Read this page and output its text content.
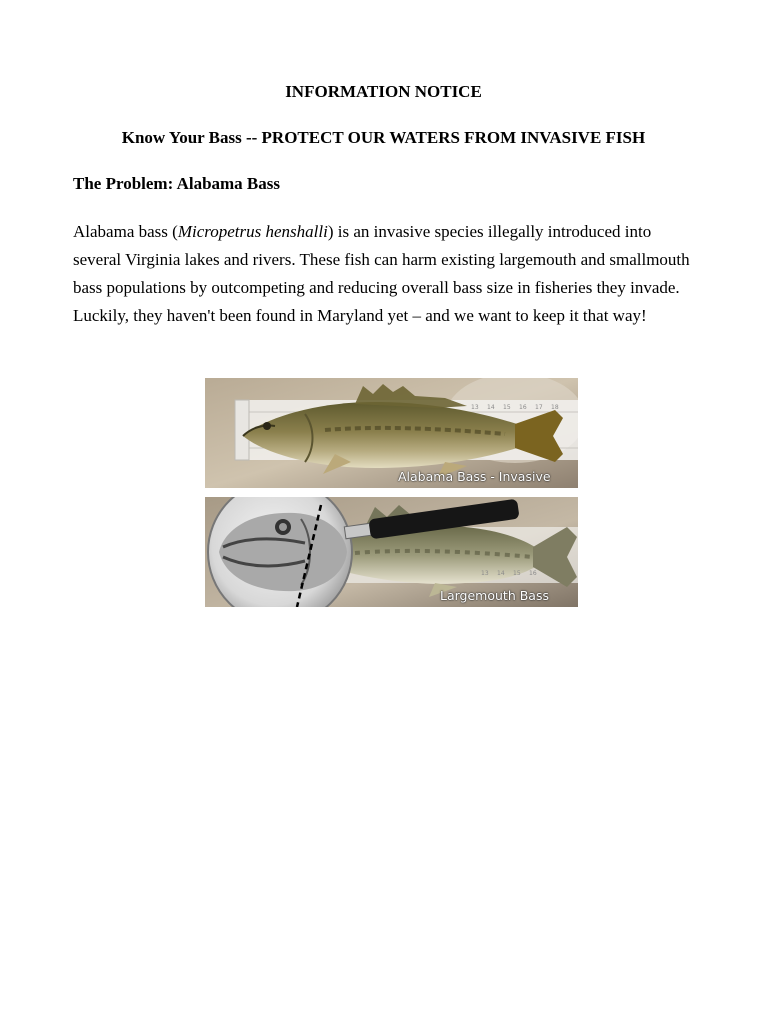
INFORMATION NOTICE
Know Your Bass -- PROTECT OUR WATERS FROM INVASIVE FISH
The Problem: Alabama Bass
Alabama bass (Micropetrus henshalli) is an invasive species illegally introduced into
several Virginia lakes and rivers. These fish can harm existing largemouth and smallmouth
bass populations by outcompeting and reducing overall bass size in fisheries they invade.
Luckily, they haven't been found in Maryland yet – and we want to keep it that way!
13 14 15 16 17 18
Alabama Bass - Invasive
13 14 15 16
Largemouth Bass
